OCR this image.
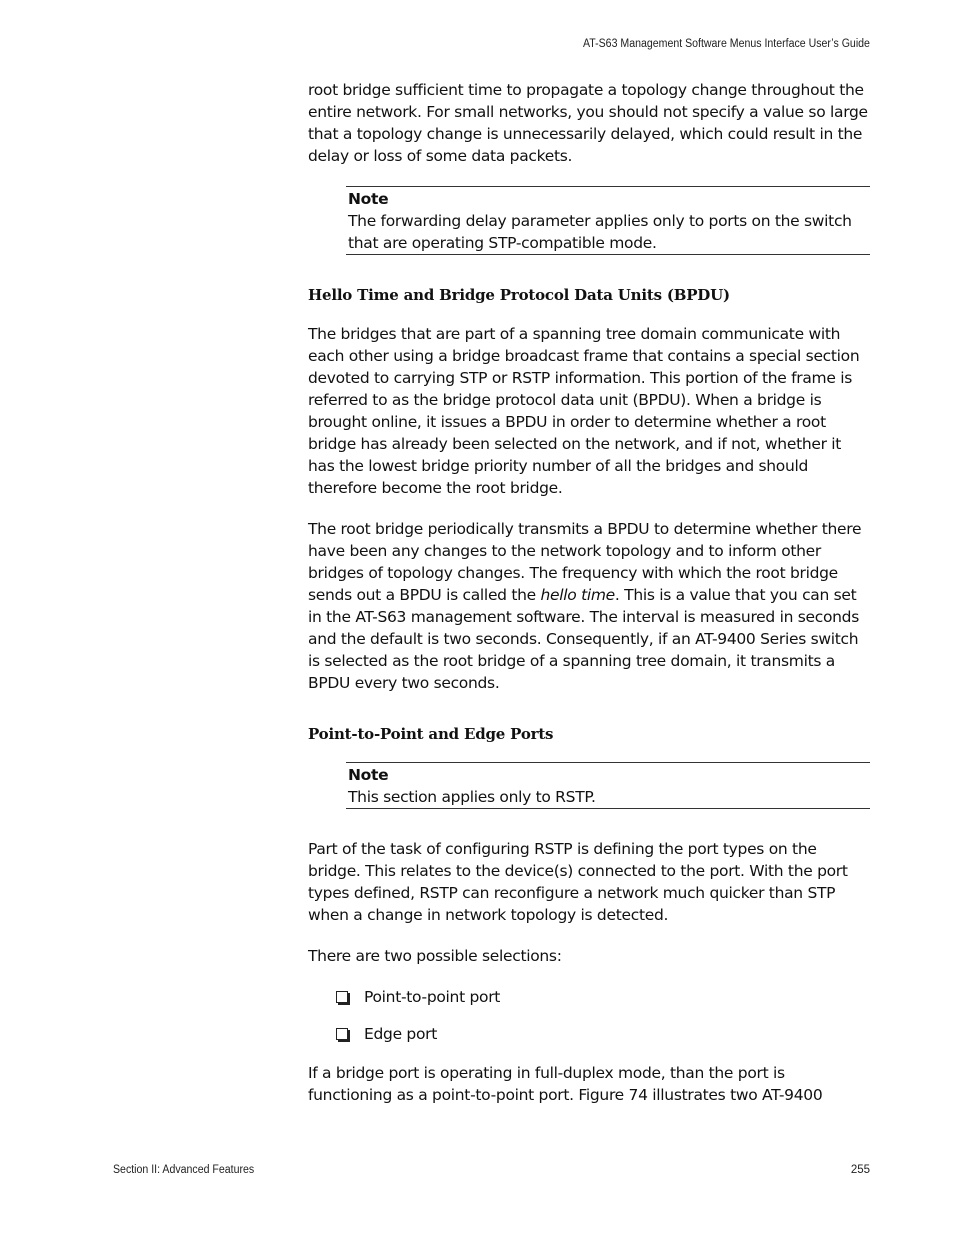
AT-S63 Management Software Menus Interface User’s Guide

root bridge sufficient time to propagate a topology change throughout the entire network. For small networks, you should not specify a value so large that a topology change is unnecessarily delayed, which could result in the delay or loss of some data packets.

Note

The forwarding delay parameter applies only to ports on the switch that are operating STP-compatible mode.

Hello Time and Bridge Protocol Data Units (BPDU)

The bridges that are part of a spanning tree domain communicate with each other using a bridge broadcast frame that contains a special section devoted to carrying STP or RSTP information. This portion of the frame is referred to as the bridge protocol data unit (BPDU). When a bridge is brought online, it issues a BPDU in order to determine whether a root bridge has already been selected on the network, and if not, whether it has the lowest bridge priority number of all the bridges and should therefore become the root bridge.

The root bridge periodically transmits a BPDU to determine whether there have been any changes to the network topology and to inform other bridges of topology changes. The frequency with which the root bridge sends out a BPDU is called the hello time. This is a value that you can set in the AT-S63 management software. The interval is measured in seconds and the default is two seconds. Consequently, if an AT-9400 Series switch is selected as the root bridge of a spanning tree domain, it transmits a BPDU every two seconds.

Point-to-Point and Edge Ports
Note

This section applies only to RSTP.

Part of the task of configuring RSTP is defining the port types on the bridge. This relates to the device(s) connected to the port. With the port types defined, RSTP can reconfigure a network much quicker than STP when a change in network topology is detected.

There are two possible selections:

Point-to-point port
Edge port

If a bridge port is operating in full-duplex mode, than the port is functioning as a point-to-point port. Figure 74 illustrates two AT-9400

Section II: Advanced Features	255
